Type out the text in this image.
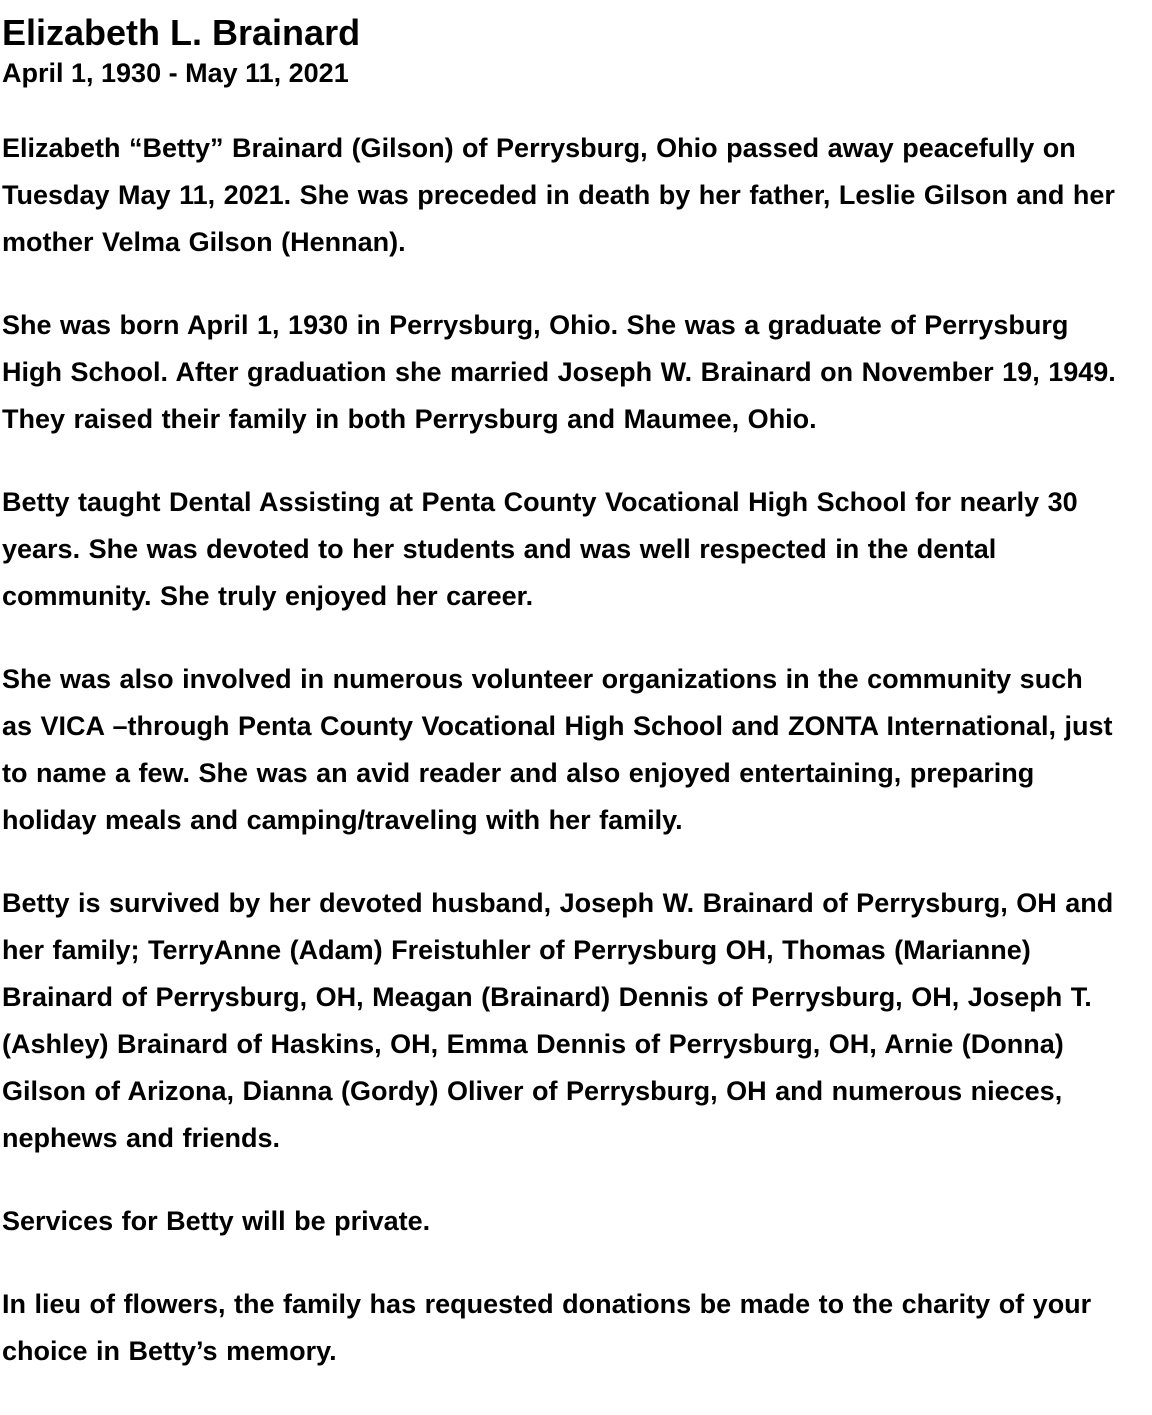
Elizabeth L. Brainard
April 1, 1930 - May 11, 2021

Elizabeth “Betty” Brainard (Gilson) of Perrysburg, Ohio passed away peacefully on Tuesday May 11, 2021. She was preceded in death by her father, Leslie Gilson and her mother Velma Gilson (Hennan).

She was born April 1, 1930 in Perrysburg, Ohio. She was a graduate of Perrysburg High School. After graduation she married Joseph W. Brainard on November 19, 1949. They raised their family in both Perrysburg and Maumee, Ohio.

Betty taught Dental Assisting at Penta County Vocational High School for nearly 30 years. She was devoted to her students and was well respected in the dental community. She truly enjoyed her career.

She was also involved in numerous volunteer organizations in the community such as VICA –through Penta County Vocational High School and ZONTA International, just to name a few. She was an avid reader and also enjoyed entertaining, preparing holiday meals and camping/traveling with her family.

Betty is survived by her devoted husband, Joseph W. Brainard of Perrysburg, OH and her family; TerryAnne (Adam) Freistuhler of Perrysburg OH, Thomas (Marianne) Brainard of Perrysburg, OH, Meagan (Brainard) Dennis of Perrysburg, OH, Joseph T. (Ashley) Brainard of Haskins, OH, Emma Dennis of Perrysburg, OH, Arnie (Donna) Gilson of Arizona, Dianna (Gordy) Oliver of Perrysburg, OH and numerous nieces, nephews and friends.

Services for Betty will be private.

In lieu of flowers, the family has requested donations be made to the charity of your choice in Betty’s memory.
